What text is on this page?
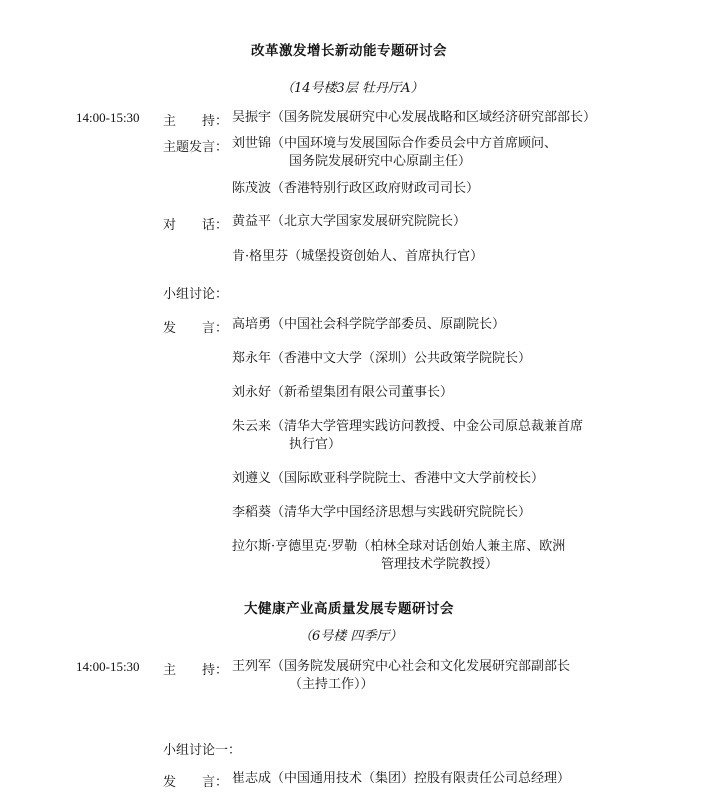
改革激发增长新动能专题研讨会
（14号楼3层 牡丹厅A）
14:00-15:30 主　　持： 吴振宇（国务院发展研究中心发展战略和区域经济研究部部长）
主题发言： 刘世锦（中国环境与发展国际合作委员会中方首席顾问、
国务院发展研究中心原副主任）
陈茂波（香港特别行政区政府财政司司长）
对　　话： 黄益平（北京大学国家发展研究院院长）
肯·格里芬（城堡投资创始人、首席执行官）
小组讨论：
发　　言： 高培勇（中国社会科学院学部委员、原副院长）
郑永年（香港中文大学（深圳）公共政策学院院长）
刘永好（新希望集团有限公司董事长）
朱云来（清华大学管理实践访问教授、中金公司原总裁兼首席
执行官）
刘遵义（国际欧亚科学院院士、香港中文大学前校长）
李稻葵（清华大学中国经济思想与实践研究院院长）
拉尔斯·亨德里克·罗勒（柏林全球对话创始人兼主席、欧洲
管理技术学院教授）
大健康产业高质量发展专题研讨会
（6号楼 四季厅）
14:00-15:30 主　　持： 王列军（国务院发展研究中心社会和文化发展研究部副部长
（主持工作））
小组讨论一：
发　　言： 崔志成（中国通用技术（集团）控股有限责任公司总经理）
